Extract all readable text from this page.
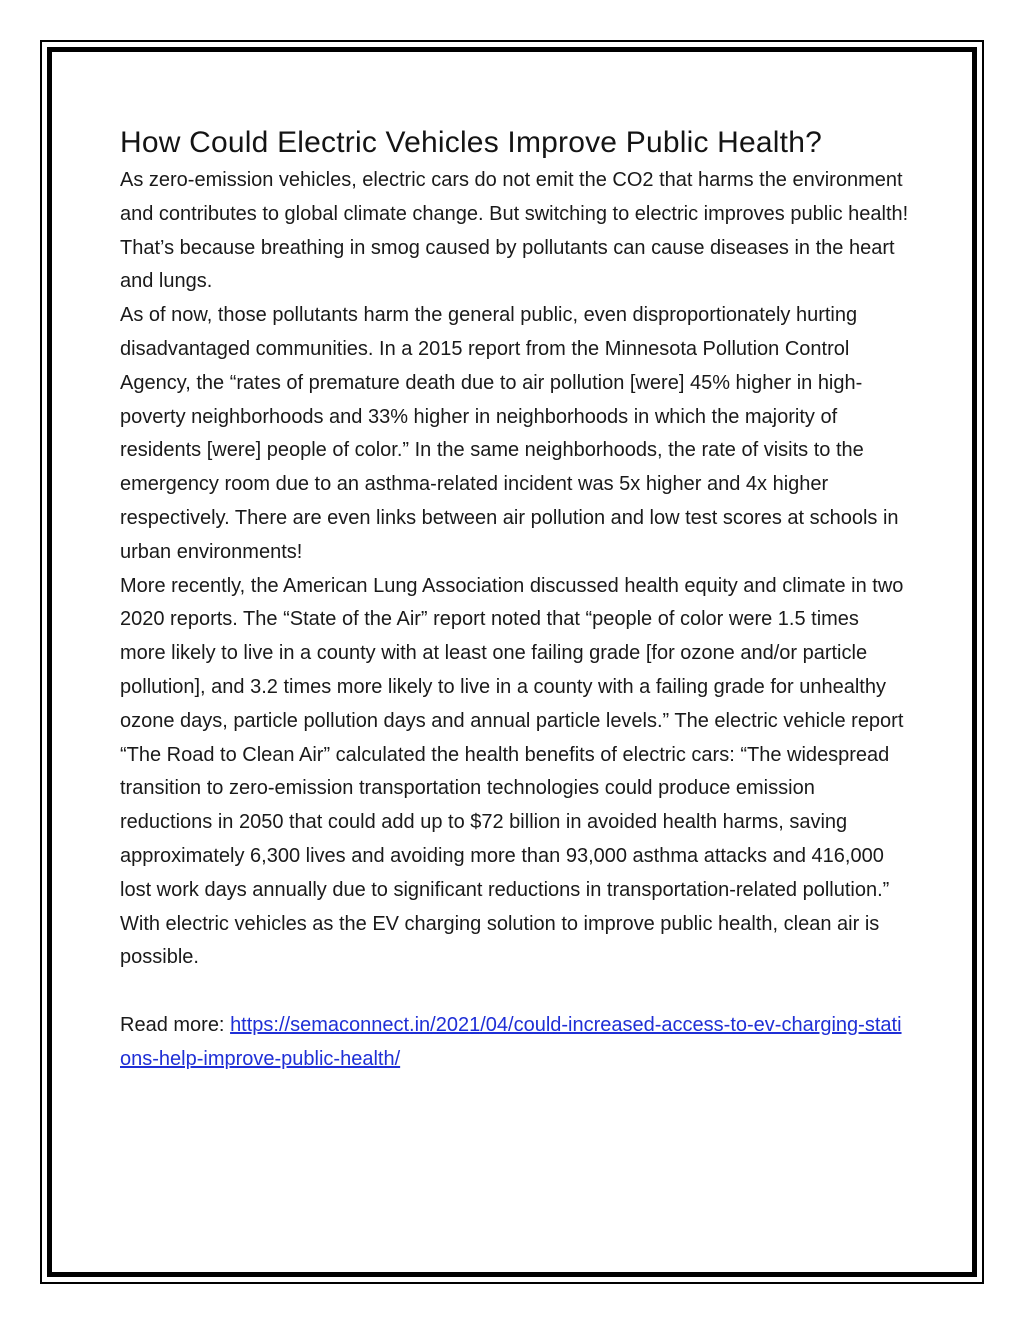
How Could Electric Vehicles Improve Public Health?

As zero-emission vehicles, electric cars do not emit the CO2 that harms the environment and contributes to global climate change. But switching to electric improves public health! That’s because breathing in smog caused by pollutants can cause diseases in the heart and lungs.

As of now, those pollutants harm the general public, even disproportionately hurting disadvantaged communities. In a 2015 report from the Minnesota Pollution Control Agency, the “rates of premature death due to air pollution [were] 45% higher in high-poverty neighborhoods and 33% higher in neighborhoods in which the majority of residents [were] people of color.” In the same neighborhoods, the rate of visits to the emergency room due to an asthma-related incident was 5x higher and 4x higher respectively. There are even links between air pollution and low test scores at schools in urban environments!

More recently, the American Lung Association discussed health equity and climate in two 2020 reports. The “State of the Air” report noted that “people of color were 1.5 times more likely to live in a county with at least one failing grade [for ozone and/or particle pollution], and 3.2 times more likely to live in a county with a failing grade for unhealthy ozone days, particle pollution days and annual particle levels.” The electric vehicle report “The Road to Clean Air” calculated the health benefits of electric cars: “The widespread transition to zero-emission transportation technologies could produce emission reductions in 2050 that could add up to $72 billion in avoided health harms, saving approximately 6,300 lives and avoiding more than 93,000 asthma attacks and 416,000 lost work days annually due to significant reductions in transportation-related pollution.” With electric vehicles as the EV charging solution to improve public health, clean air is possible.

Read more: https://semaconnect.in/2021/04/could-increased-access-to-ev-charging-stations-help-improve-public-health/
